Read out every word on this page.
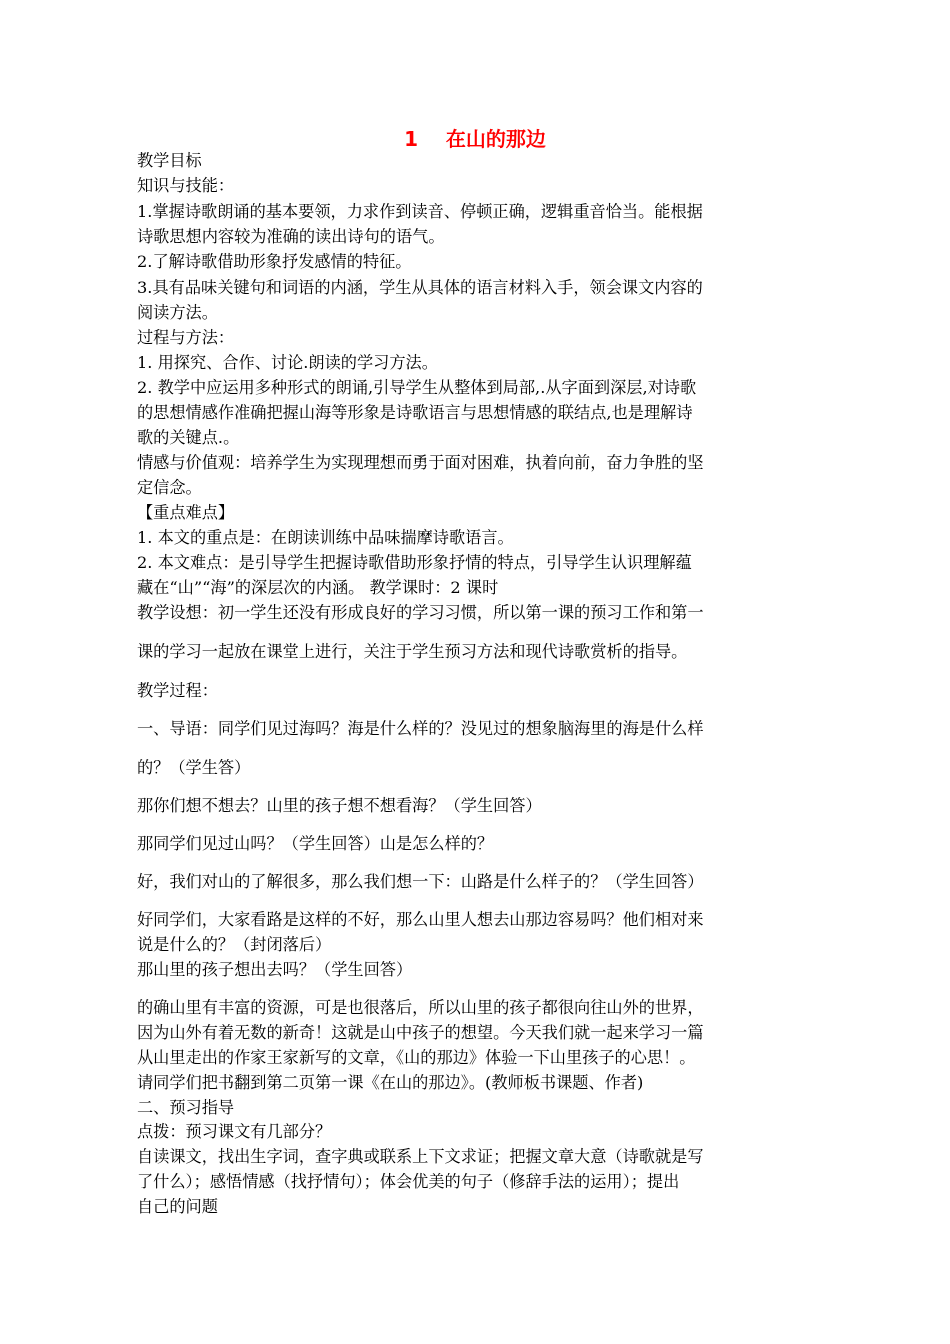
1    在山的那边
教学目标
知识与技能：
1.掌握诗歌朗诵的基本要领，力求作到读音、停顿正确，逻辑重音恰当。能根据
诗歌思想内容较为准确的读出诗句的语气。
2.了解诗歌借助形象抒发感情的特征。
3.具有品味关键句和词语的内涵，学生从具体的语言材料入手，领会课文内容的
阅读方法。
过程与方法：
1. 用探究、合作、讨论.朗读的学习方法。
2. 教学中应运用多种形式的朗诵,引导学生从整体到局部,.从字面到深层,对诗歌
的思想情感作准确把握山海等形象是诗歌语言与思想情感的联结点,也是理解诗
歌的关键点.。
情感与价值观：培养学生为实现理想而勇于面对困难，执着向前，奋力争胜的坚
定信念。
【重点难点】
1. 本文的重点是：在朗读训练中品味揣摩诗歌语言。
2. 本文难点：是引导学生把握诗歌借助形象抒情的特点，引导学生认识理解蕴
藏在“山”“海”的深层次的内涵。 教学课时：2 课时
教学设想：初一学生还没有形成良好的学习习惯，所以第一课的预习工作和第一
课的学习一起放在课堂上进行，关注于学生预习方法和现代诗歌赏析的指导。
教学过程：
一、导语：同学们见过海吗？海是什么样的？没见过的想象脑海里的海是什么样
的？（学生答）
那你们想不想去？山里的孩子想不想看海？（学生回答）
那同学们见过山吗？（学生回答）山是怎么样的？
好，我们对山的了解很多，那么我们想一下：山路是什么样子的？（学生回答）
好同学们，大家看路是这样的不好，那么山里人想去山那边容易吗？他们相对来
说是什么的？（封闭落后）
那山里的孩子想出去吗？（学生回答）
的确山里有丰富的资源，可是也很落后，所以山里的孩子都很向往山外的世界，
因为山外有着无数的新奇！这就是山中孩子的想望。今天我们就一起来学习一篇
从山里走出的作家王家新写的文章，《山的那边》体验一下山里孩子的心思！。
请同学们把书翻到第二页第一课《在山的那边》。(教师板书课题、作者)
二、预习指导
点拨：预习课文有几部分？
自读课文，找出生字词，查字典或联系上下文求证；把握文章大意（诗歌就是写
了什么）；感悟情感（找抒情句）；体会优美的句子（修辞手法的运用）；提出
自己的问题
